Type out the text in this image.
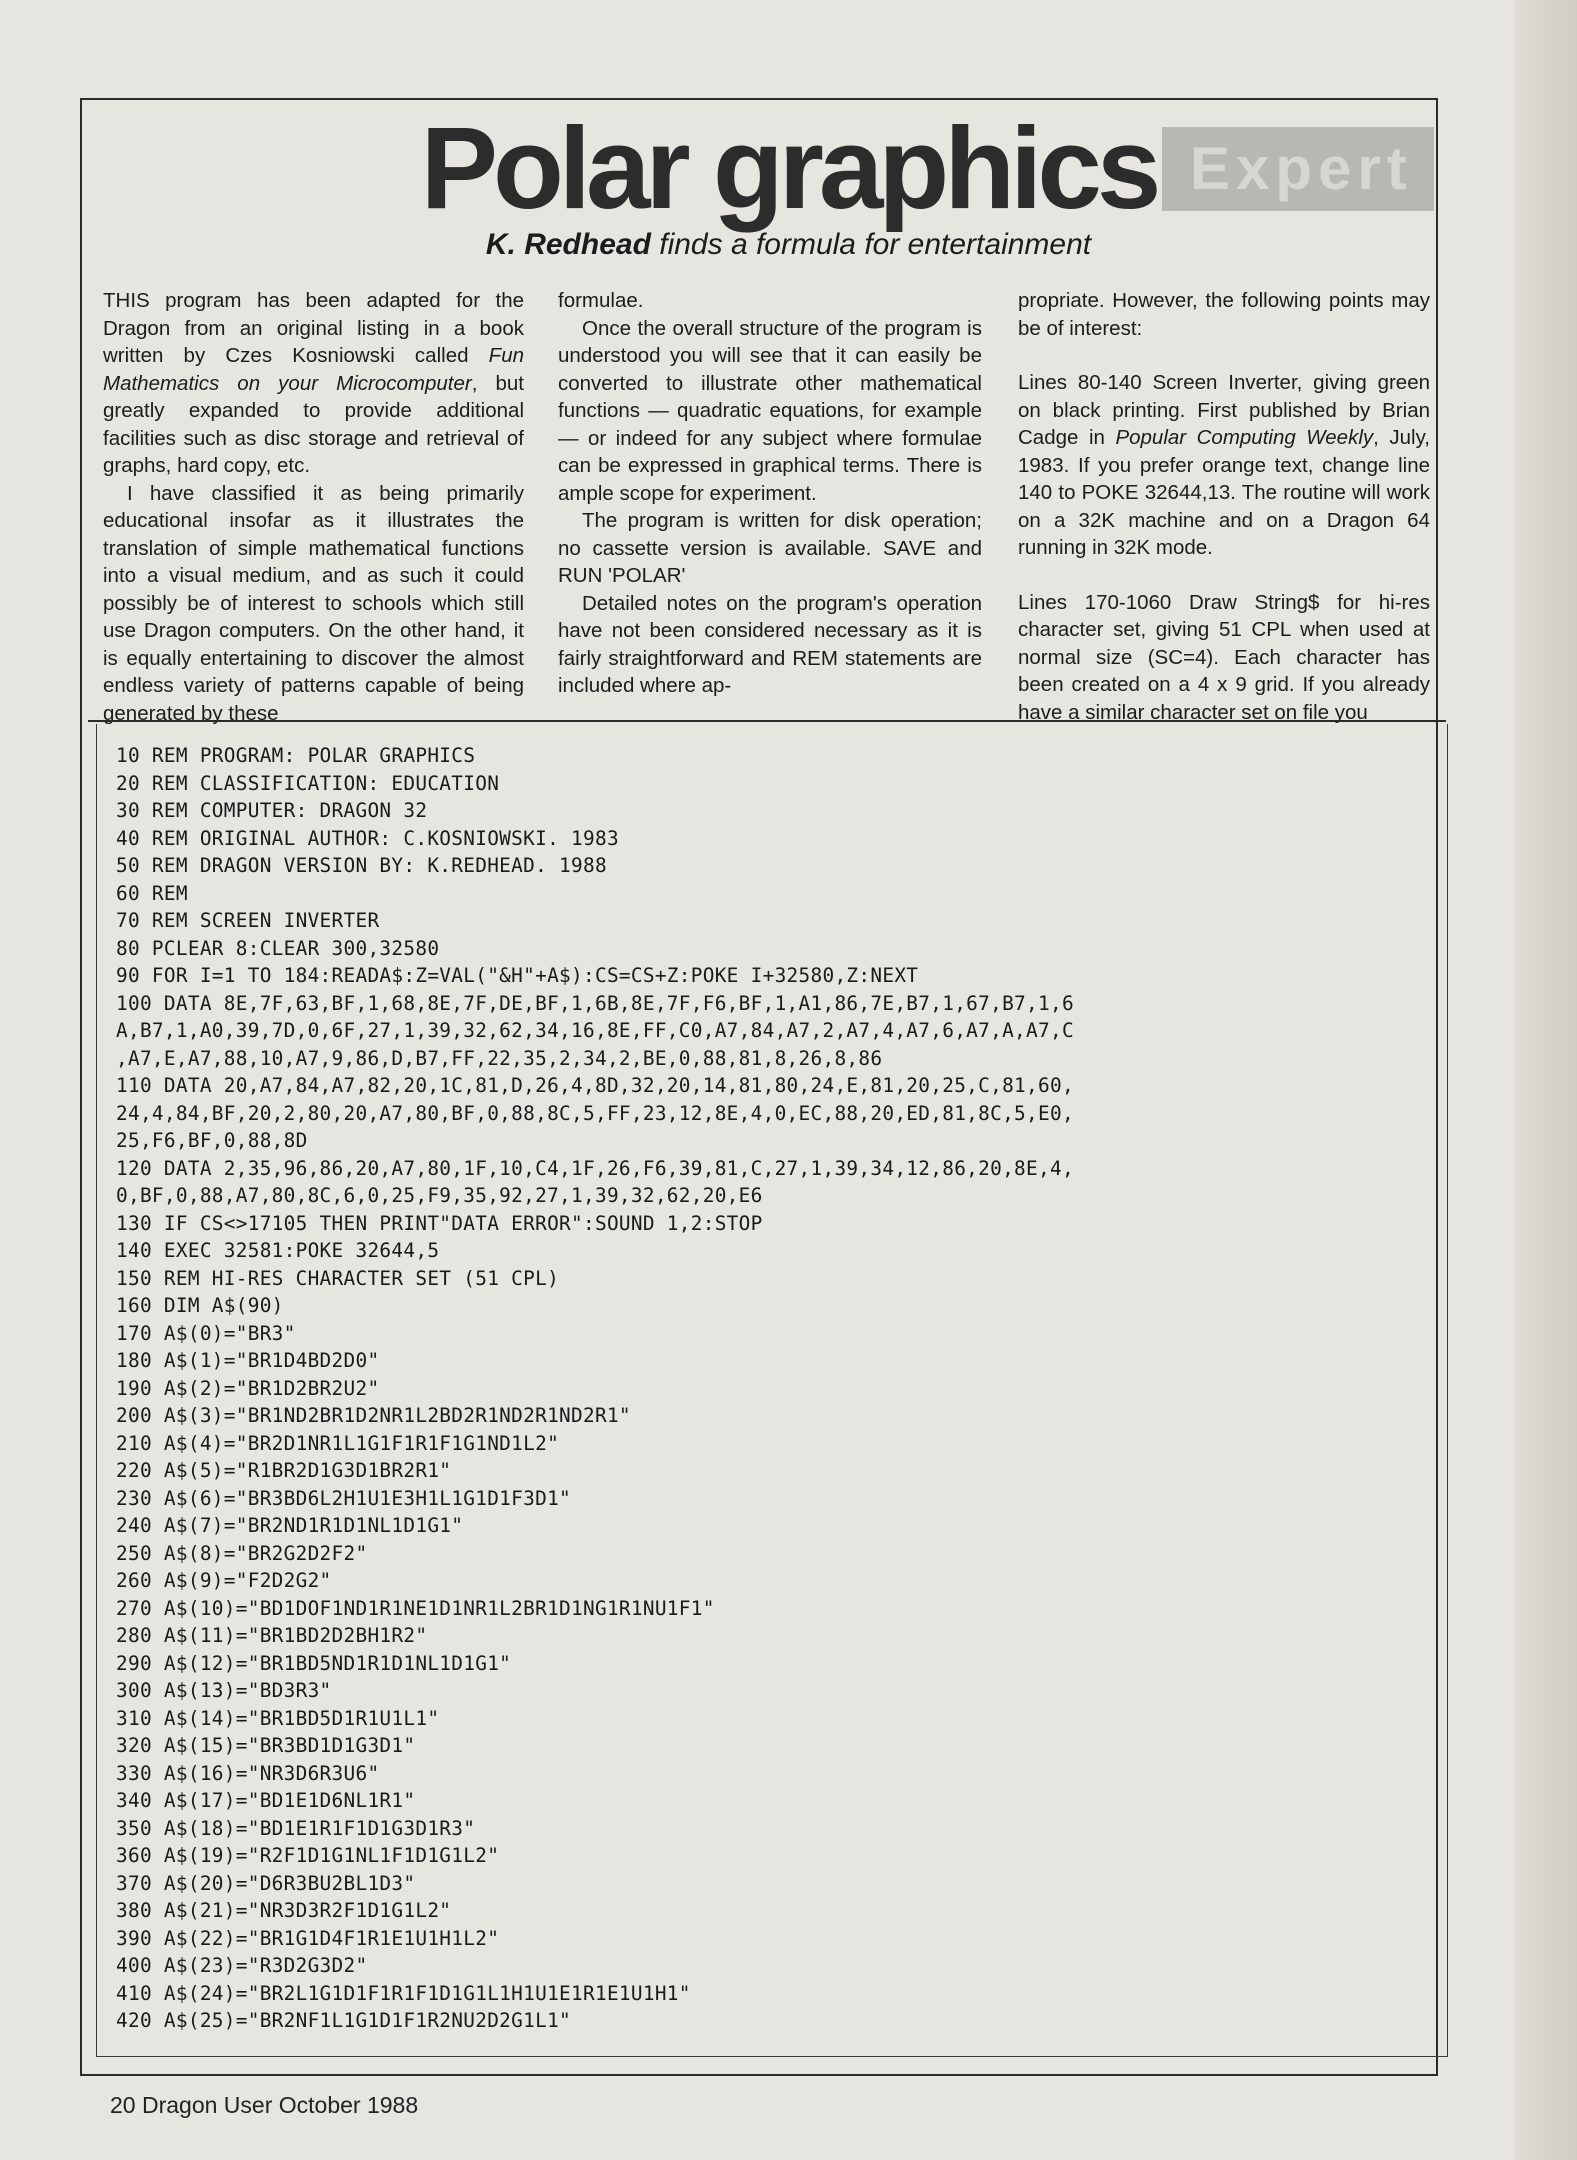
Expert
Polar graphics
K. Redhead finds a formula for entertainment

THIS program has been adapted for the Dragon from an original listing in a book written by Czes Kosniowski called Fun Mathematics on your Microcomputer, but greatly expanded to provide additional facilities such as disc storage and retrieval of graphs, hard copy, etc.

I have classified it as being primarily educational insofar as it illustrates the translation of simple mathematical functions into a visual medium, and as such it could possibly be of interest to schools which still use Dragon computers. On the other hand, it is equally entertaining to discover the almost endless variety of patterns capable of being generated by these

formulae.

Once the overall structure of the program is understood you will see that it can easily be converted to illustrate other mathematical functions — quadratic equations, for example — or indeed for any subject where formulae can be expressed in graphical terms. There is ample scope for experiment.

The program is written for disk operation; no cassette version is available. SAVE and RUN 'POLAR'

Detailed notes on the program's operation have not been considered necessary as it is fairly straightforward and REM statements are included where ap-

propriate. However, the following points may be of interest:

Lines 80-140 Screen Inverter, giving green on black printing. First published by Brian Cadge in Popular Computing Weekly, July, 1983. If you prefer orange text, change line 140 to POKE 32644,13. The routine will work on a 32K machine and on a Dragon 64 running in 32K mode.

Lines 170-1060 Draw String$ for hi-res character set, giving 51 CPL when used at normal size (SC=4). Each character has been created on a 4 x 9 grid. If you already have a similar character set on file you

10 REM PROGRAM: POLAR GRAPHICS
20 REM CLASSIFICATION: EDUCATION
30 REM COMPUTER: DRAGON 32
40 REM ORIGINAL AUTHOR: C.KOSNIOWSKI. 1983
50 REM DRAGON VERSION BY: K.REDHEAD. 1988
60 REM
70 REM SCREEN INVERTER
80 PCLEAR 8:CLEAR 300,32580
90 FOR I=1 TO 184:READA$:Z=VAL("&H"+A$):CS=CS+Z:POKE I+32580,Z:NEXT
100 DATA 8E,7F,63,BF,1,68,8E,7F,DE,BF,1,6B,8E,7F,F6,BF,1,A1,86,7E,B7,1,67,B7,1,6
A,B7,1,A0,39,7D,0,6F,27,1,39,32,62,34,16,8E,FF,C0,A7,84,A7,2,A7,4,A7,6,A7,A,A7,C
,A7,E,A7,88,10,A7,9,86,D,B7,FF,22,35,2,34,2,BE,0,88,81,8,26,8,86
110 DATA 20,A7,84,A7,82,20,1C,81,D,26,4,8D,32,20,14,81,80,24,E,81,20,25,C,81,60,
24,4,84,BF,20,2,80,20,A7,80,BF,0,88,8C,5,FF,23,12,8E,4,0,EC,88,20,ED,81,8C,5,E0,
25,F6,BF,0,88,8D
120 DATA 2,35,96,86,20,A7,80,1F,10,C4,1F,26,F6,39,81,C,27,1,39,34,12,86,20,8E,4,
0,BF,0,88,A7,80,8C,6,0,25,F9,35,92,27,1,39,32,62,20,E6
130 IF CS<>17105 THEN PRINT"DATA ERROR":SOUND 1,2:STOP
140 EXEC 32581:POKE 32644,5
150 REM HI-RES CHARACTER SET (51 CPL)
160 DIM A$(90)
170 A$(0)="BR3"
180 A$(1)="BR1D4BD2D0"
190 A$(2)="BR1D2BR2U2"
200 A$(3)="BR1ND2BR1D2NR1L2BD2R1ND2R1ND2R1"
210 A$(4)="BR2D1NR1L1G1F1R1F1G1ND1L2"
220 A$(5)="R1BR2D1G3D1BR2R1"
230 A$(6)="BR3BD6L2H1U1E3H1L1G1D1F3D1"
240 A$(7)="BR2ND1R1D1NL1D1G1"
250 A$(8)="BR2G2D2F2"
260 A$(9)="F2D2G2"
270 A$(10)="BD1DOF1ND1R1NE1D1NR1L2BR1D1NG1R1NU1F1"
280 A$(11)="BR1BD2D2BH1R2"
290 A$(12)="BR1BD5ND1R1D1NL1D1G1"
300 A$(13)="BD3R3"
310 A$(14)="BR1BD5D1R1U1L1"
320 A$(15)="BR3BD1D1G3D1"
330 A$(16)="NR3D6R3U6"
340 A$(17)="BD1E1D6NL1R1"
350 A$(18)="BD1E1R1F1D1G3D1R3"
360 A$(19)="R2F1D1G1NL1F1D1G1L2"
370 A$(20)="D6R3BU2BL1D3"
380 A$(21)="NR3D3R2F1D1G1L2"
390 A$(22)="BR1G1D4F1R1E1U1H1L2"
400 A$(23)="R3D2G3D2"
410 A$(24)="BR2L1G1D1F1R1F1D1G1L1H1U1E1R1E1U1H1"
420 A$(25)="BR2NF1L1G1D1F1R2NU2D2G1L1"
20 Dragon User October 1988
